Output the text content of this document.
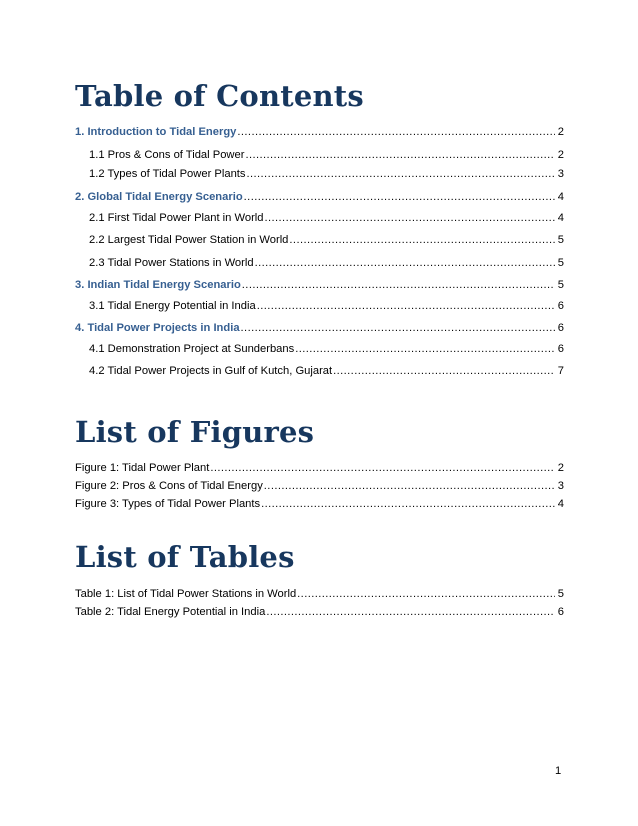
Table of Contents
1. Introduction to Tidal Energy .....	2
1.1 Pros & Cons of Tidal Power .....	2
1.2 Types of Tidal Power Plants .....	3
2. Global Tidal Energy Scenario .....	4
2.1 First Tidal Power Plant in World .....	4
2.2 Largest Tidal Power Station in World .....	5
2.3 Tidal Power Stations in World .....	5
3. Indian Tidal Energy Scenario .....	5
3.1 Tidal Energy Potential in India .....	6
4. Tidal Power Projects in India .....	6
4.1 Demonstration Project at Sunderbans .....	6
4.2 Tidal Power Projects in Gulf of Kutch, Gujarat .....	7
List of Figures
Figure 1: Tidal Power Plant .....	2
Figure 2: Pros & Cons of Tidal Energy .....	3
Figure 3: Types of Tidal Power Plants .....	4
List of Tables
Table 1: List of Tidal Power Stations in World .....	5
Table 2: Tidal Energy Potential in India .....	6
1
